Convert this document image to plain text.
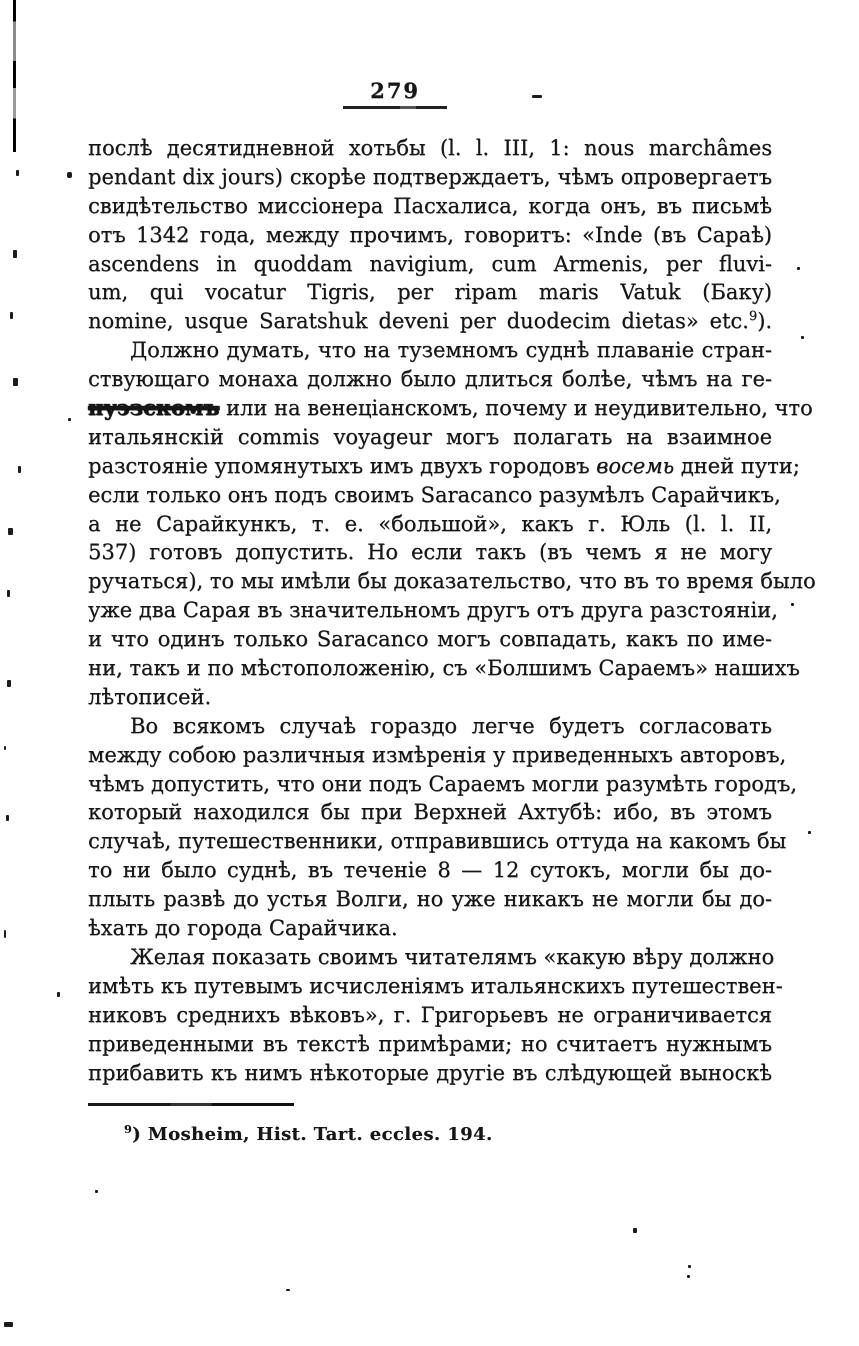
279
послѣ десятидневной хотьбы (l. l. III, 1: nous marchâmes
pendant dix jours) скорѣе подтверждаетъ, чѣмъ опровергаетъ
свидѣтельство миссіонера Пасхалиса, когда онъ, въ письмѣ
отъ 1342 года, между прочимъ, говоритъ: «Inde (въ Сараѣ)
ascendens in quoddam navigium, cum Armenis, per fluvi-
um, qui vocatur Tigris, per ripam maris Vatuk (Баку)
nomine, usque Saratshuk deveni per duodecim dietas» etc.$^9$).
Должно думать, что на туземномъ суднѣ плаваніе стран-
ствующаго монаха должно было длиться болѣе, чѣмъ на ге-
нуэзскомъ или на венеціанскомъ, почему и неудивительно, что
итальянскій commis voyageur могъ полагать на взаимное
разстояніе упомянутыхъ имъ двухъ городовъ восемь дней пути;
если только онъ подъ своимъ Saracanco разумѣлъ Сарайчикъ,
а не Сарайкункъ, т. е. «большой», какъ г. Юль (l. l. II,
537) готовъ допустить. Но если такъ (въ чемъ я не могу
ручаться), то мы имѣли бы доказательство, что въ то время было
уже два Сарая въ значительномъ другъ отъ друга разстояніи,
и что одинъ только Saracanco могъ совпадать, какъ по име-
ни, такъ и по мѣстоположенію, съ «Болшимъ Сараемъ» нашихъ
лѣтописей.
Во всякомъ случаѣ гораздо легче будетъ согласовать
между собою различныя измѣренія у приведенныхъ авторовъ,
чѣмъ допустить, что они подъ Сараемъ могли разумѣть городъ,
который находился бы при Верхней Ахтубѣ: ибо, въ этомъ
случаѣ, путешественники, отправившись оттуда на какомъ бы
то ни было суднѣ, въ теченіе 8 — 12 сутокъ, могли бы до-
плыть развѣ до устья Волги, но уже никакъ не могли бы до-
ѣхать до города Сарайчика.
Желая показать своимъ читателямъ «какую вѣру должно
имѣть къ путевымъ исчисленіямъ итальянскихъ путешествен-
никовъ среднихъ вѣковъ», г. Григорьевъ не ограничивается
приведенными въ текстѣ примѣрами; но считаетъ нужнымъ
прибавить къ нимъ нѣкоторые другіе въ слѣдующей выноскѣ
$^9$) Mosheim, Hist. Tart. eccles. 194.
